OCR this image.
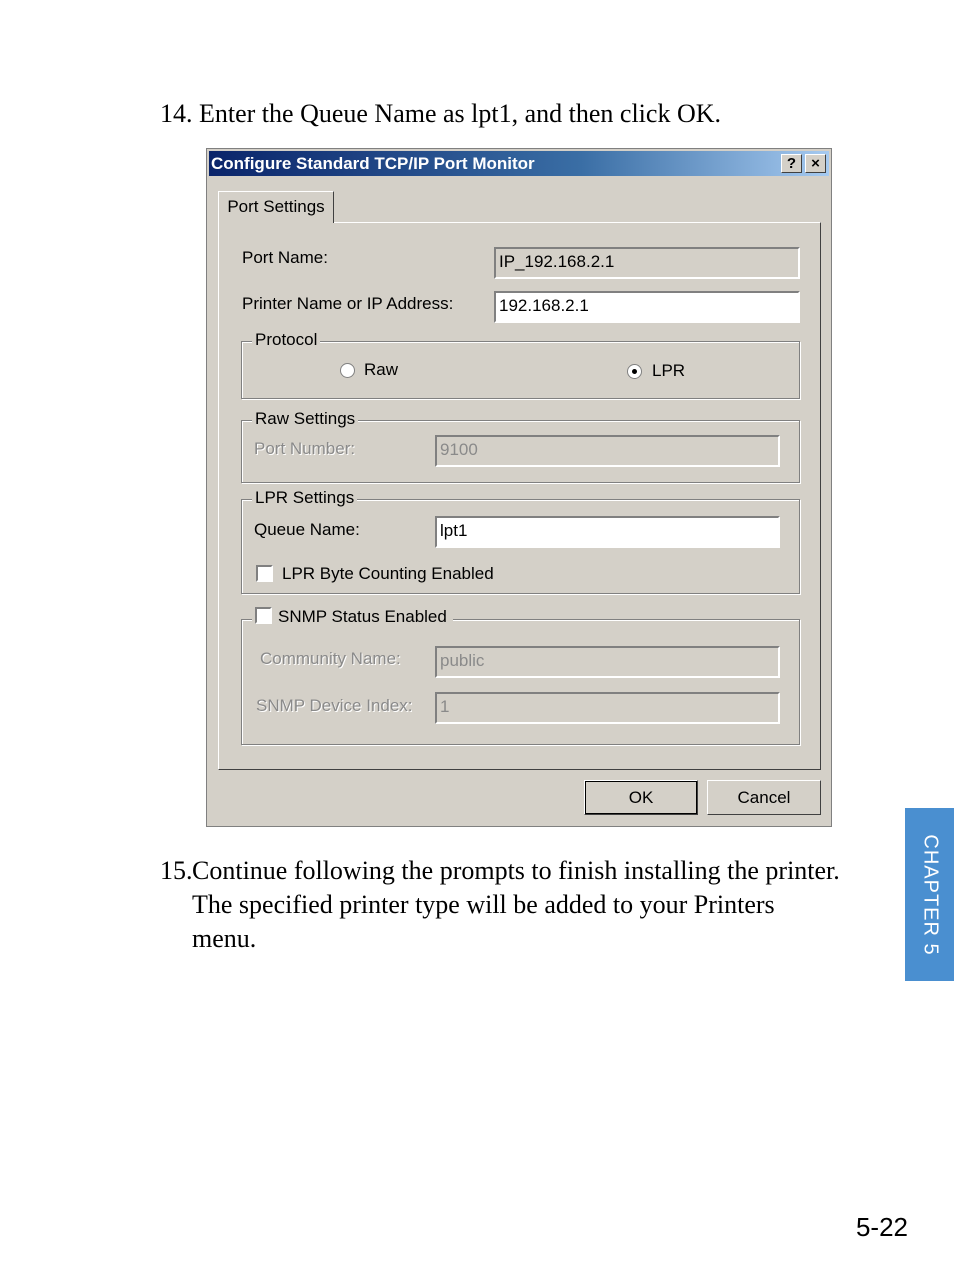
14. Enter the Queue Name as lpt1, and then click OK.

Configure Standard TCP/IP Port Monitor	?	×
Port Settings
Port Name:	IP_192.168.2.1
Printer Name or IP Address:	192.168.2.1
Protocol
Raw	LPR
Raw Settings
Port Number:	9100
LPR Settings
Queue Name:	lpt1
LPR Byte Counting Enabled
SNMP Status Enabled
Community Name: public
SNMP Device Index: 1
OK	Cancel

15. Continue following the prompts to finish installing the printer. The specified printer type will be added to your Printers menu.	CHAPTER 5
5-22
